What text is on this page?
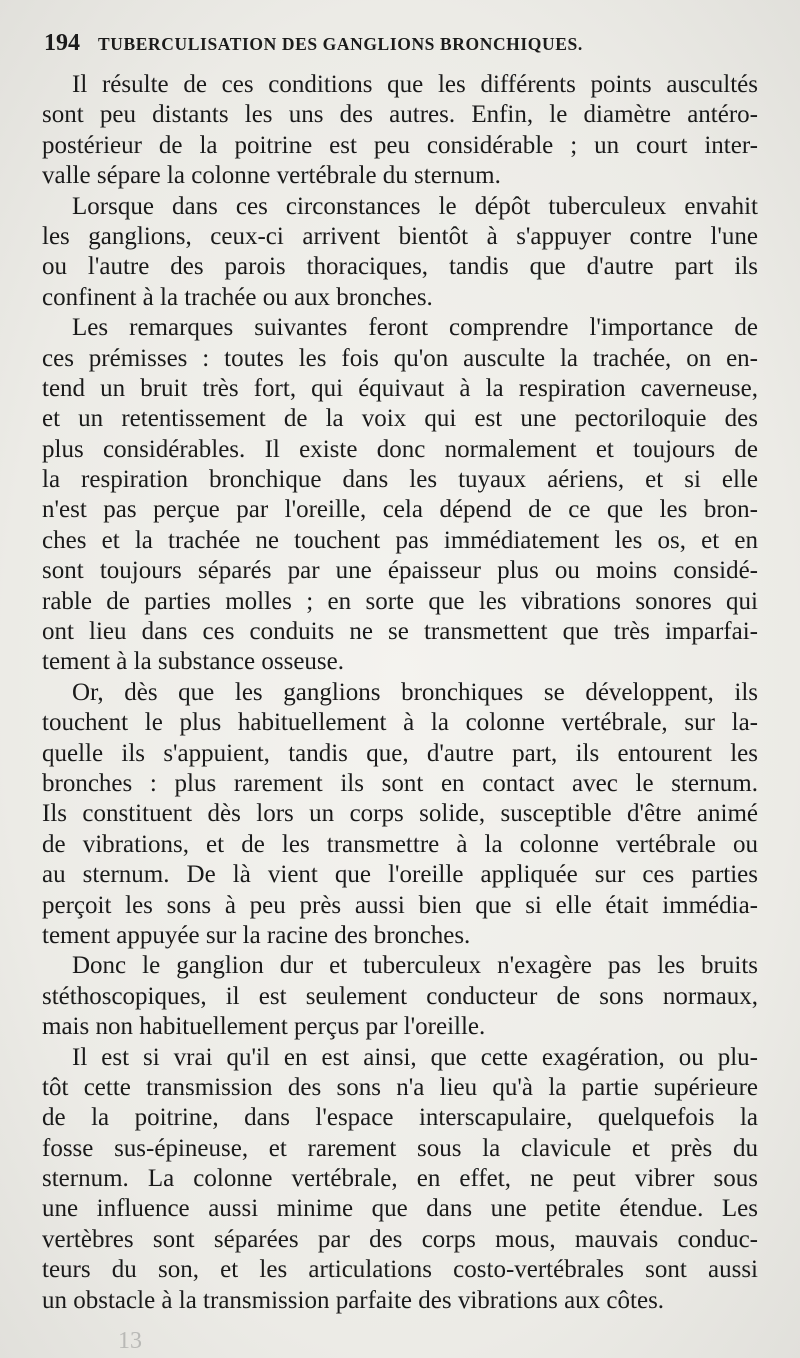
194 TUBERCULISATION DES GANGLIONS BRONCHIQUES.
Il résulte de ces conditions que les différents points auscultés
sont peu distants les uns des autres. Enfin, le diamètre antéro-
postérieur de la poitrine est peu considérable ; un court inter-
valle sépare la colonne vertébrale du sternum.
Lorsque dans ces circonstances le dépôt tuberculeux envahit
les ganglions, ceux-ci arrivent bientôt à s'appuyer contre l'une
ou l'autre des parois thoraciques, tandis que d'autre part ils
confinent à la trachée ou aux bronches.
Les remarques suivantes feront comprendre l'importance de
ces prémisses : toutes les fois qu'on ausculte la trachée, on en-
tend un bruit très fort, qui équivaut à la respiration caverneuse,
et un retentissement de la voix qui est une pectoriloquie des
plus considérables. Il existe donc normalement et toujours de
la respiration bronchique dans les tuyaux aériens, et si elle
n'est pas perçue par l'oreille, cela dépend de ce que les bron-
ches et la trachée ne touchent pas immédiatement les os, et en
sont toujours séparés par une épaisseur plus ou moins considé-
rable de parties molles ; en sorte que les vibrations sonores qui
ont lieu dans ces conduits ne se transmettent que très imparfai-
tement à la substance osseuse.
Or, dès que les ganglions bronchiques se développent, ils
touchent le plus habituellement à la colonne vertébrale, sur la-
quelle ils s'appuient, tandis que, d'autre part, ils entourent les
bronches : plus rarement ils sont en contact avec le sternum.
Ils constituent dès lors un corps solide, susceptible d'être animé
de vibrations, et de les transmettre à la colonne vertébrale ou
au sternum. De là vient que l'oreille appliquée sur ces parties
perçoit les sons à peu près aussi bien que si elle était immédia-
tement appuyée sur la racine des bronches.
Donc le ganglion dur et tuberculeux n'exagère pas les bruits
stéthoscopiques, il est seulement conducteur de sons normaux,
mais non habituellement perçus par l'oreille.
Il est si vrai qu'il en est ainsi, que cette exagération, ou plu-
tôt cette transmission des sons n'a lieu qu'à la partie supérieure
de la poitrine, dans l'espace interscapulaire, quelquefois la
fosse sus-épineuse, et rarement sous la clavicule et près du
sternum. La colonne vertébrale, en effet, ne peut vibrer sous
une influence aussi minime que dans une petite étendue. Les
vertèbres sont séparées par des corps mous, mauvais conduc-
teurs du son, et les articulations costo-vertébrales sont aussi
un obstacle à la transmission parfaite des vibrations aux côtes.
13
